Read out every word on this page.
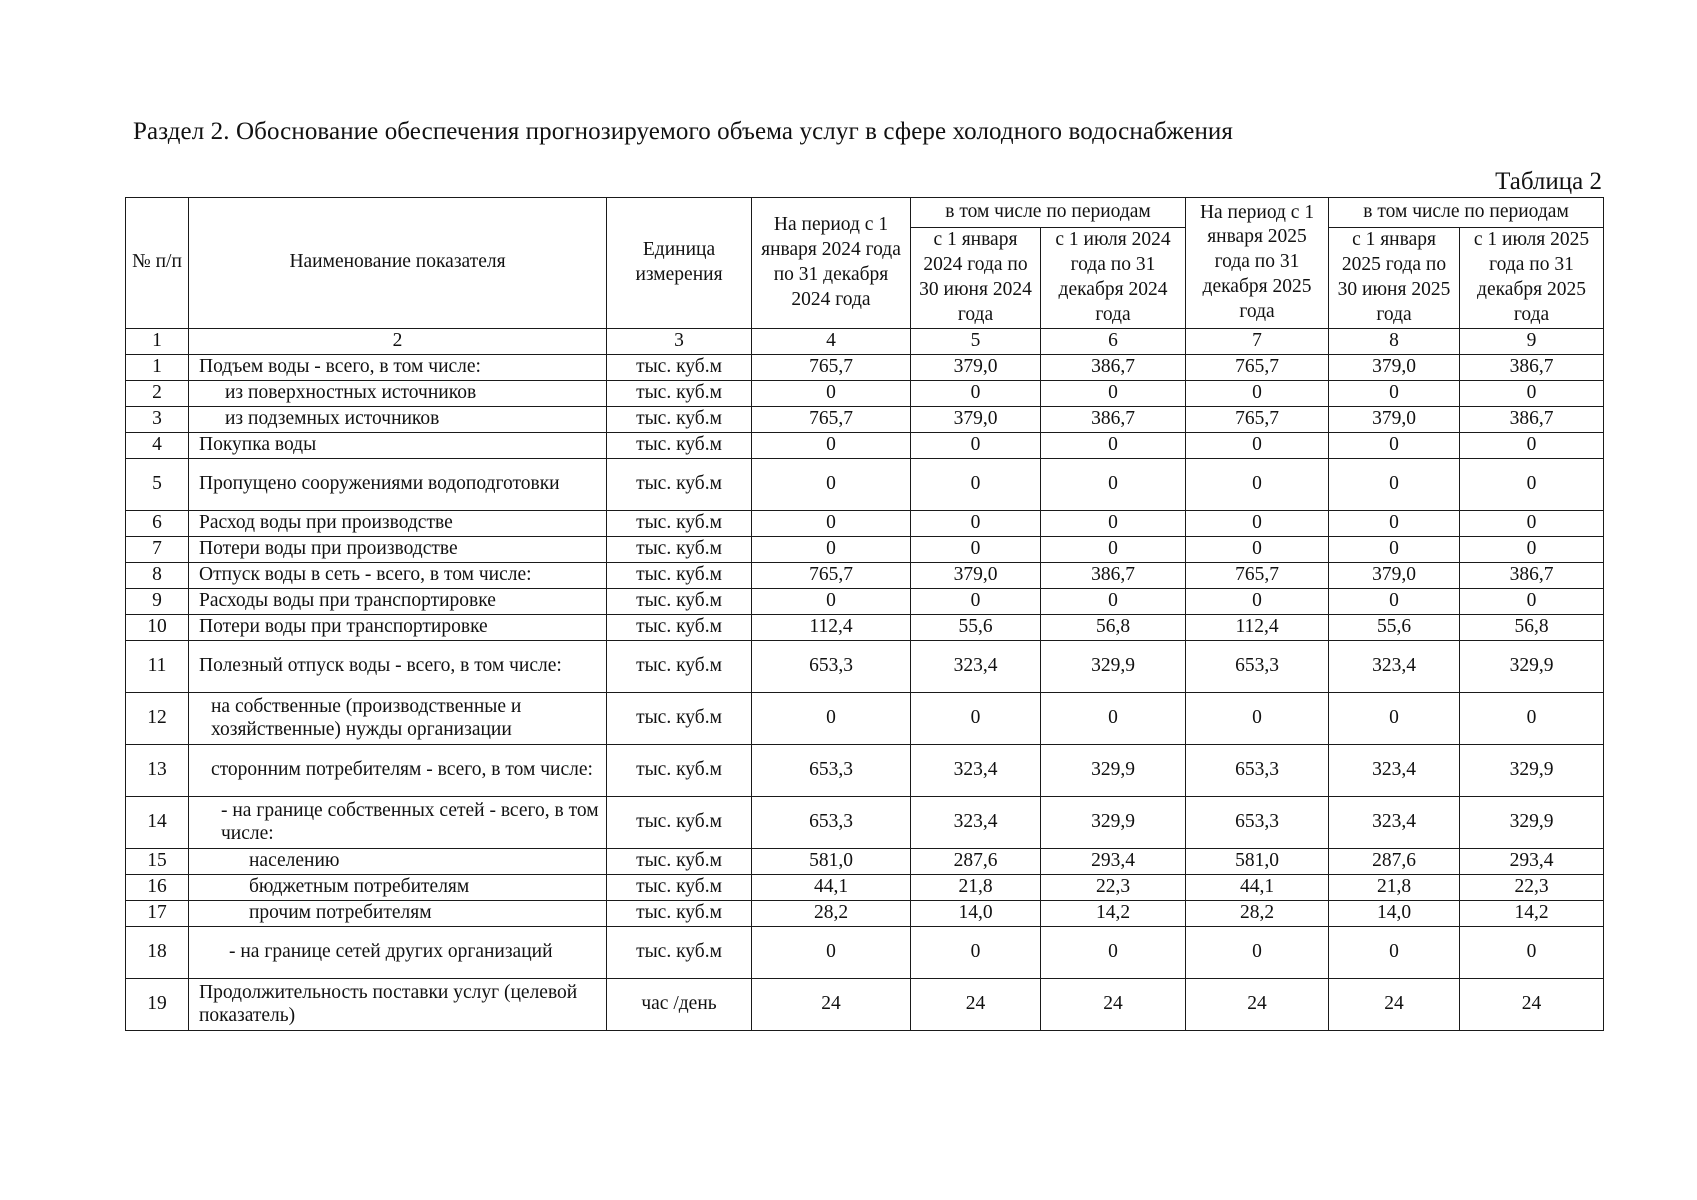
Раздел 2. Обоснование обеспечения прогнозируемого объема услуг в сфере холодного водоснабжения
Таблица 2
№ п/п	Наименование показателя	Единица измерения	На период с 1 января 2024 года по 31 декабря 2024 года	в том числе по периодам		На период с 1 января 2025 года по 31 декабря 2025 года	в том числе по периодам	
				с 1 января 2024 года по 30 июня 2024 года	с 1 июля 2024 года по 31 декабря 2024 года		с 1 января 2025 года по 30 июня 2025 года	с 1 июля 2025 года по 31 декабря 2025 года
1	2	3	4	5	6	7	8	9
1	Подъем воды - всего, в том числе:	тыс. куб.м	765,7	379,0	386,7	765,7	379,0	386,7
2	из поверхностных источников	тыс. куб.м	0	0	0	0	0	0
3	из подземных источников	тыс. куб.м	765,7	379,0	386,7	765,7	379,0	386,7
4	Покупка воды	тыс. куб.м	0	0	0	0	0	0
5	Пропущено сооружениями водоподготовки	тыс. куб.м	0	0	0	0	0	0
6	Расход воды при производстве	тыс. куб.м	0	0	0	0	0	0
7	Потери воды при производстве	тыс. куб.м	0	0	0	0	0	0
8	Отпуск воды в сеть - всего, в том числе:	тыс. куб.м	765,7	379,0	386,7	765,7	379,0	386,7
9	Расходы воды при транспортировке	тыс. куб.м	0	0	0	0	0	0
10	Потери воды при транспортировке	тыс. куб.м	112,4	55,6	56,8	112,4	55,6	56,8
11	Полезный отпуск воды - всего, в том числе:	тыс. куб.м	653,3	323,4	329,9	653,3	323,4	329,9
12	на собственные (производственные и хозяйственные) нужды организации	тыс. куб.м	0	0	0	0	0	0
13	сторонним потребителям - всего, в том числе:	тыс. куб.м	653,3	323,4	329,9	653,3	323,4	329,9
14	- на границе собственных сетей - всего, в том числе:	тыс. куб.м	653,3	323,4	329,9	653,3	323,4	329,9
15	населению	тыс. куб.м	581,0	287,6	293,4	581,0	287,6	293,4
16	бюджетным потребителям	тыс. куб.м	44,1	21,8	22,3	44,1	21,8	22,3
17	прочим потребителям	тыс. куб.м	28,2	14,0	14,2	28,2	14,0	14,2
18	- на границе сетей других организаций	тыс. куб.м	0	0	0	0	0	0
19	Продолжительность поставки услуг (целевой показатель)	час /день	24	24	24	24	24	24
